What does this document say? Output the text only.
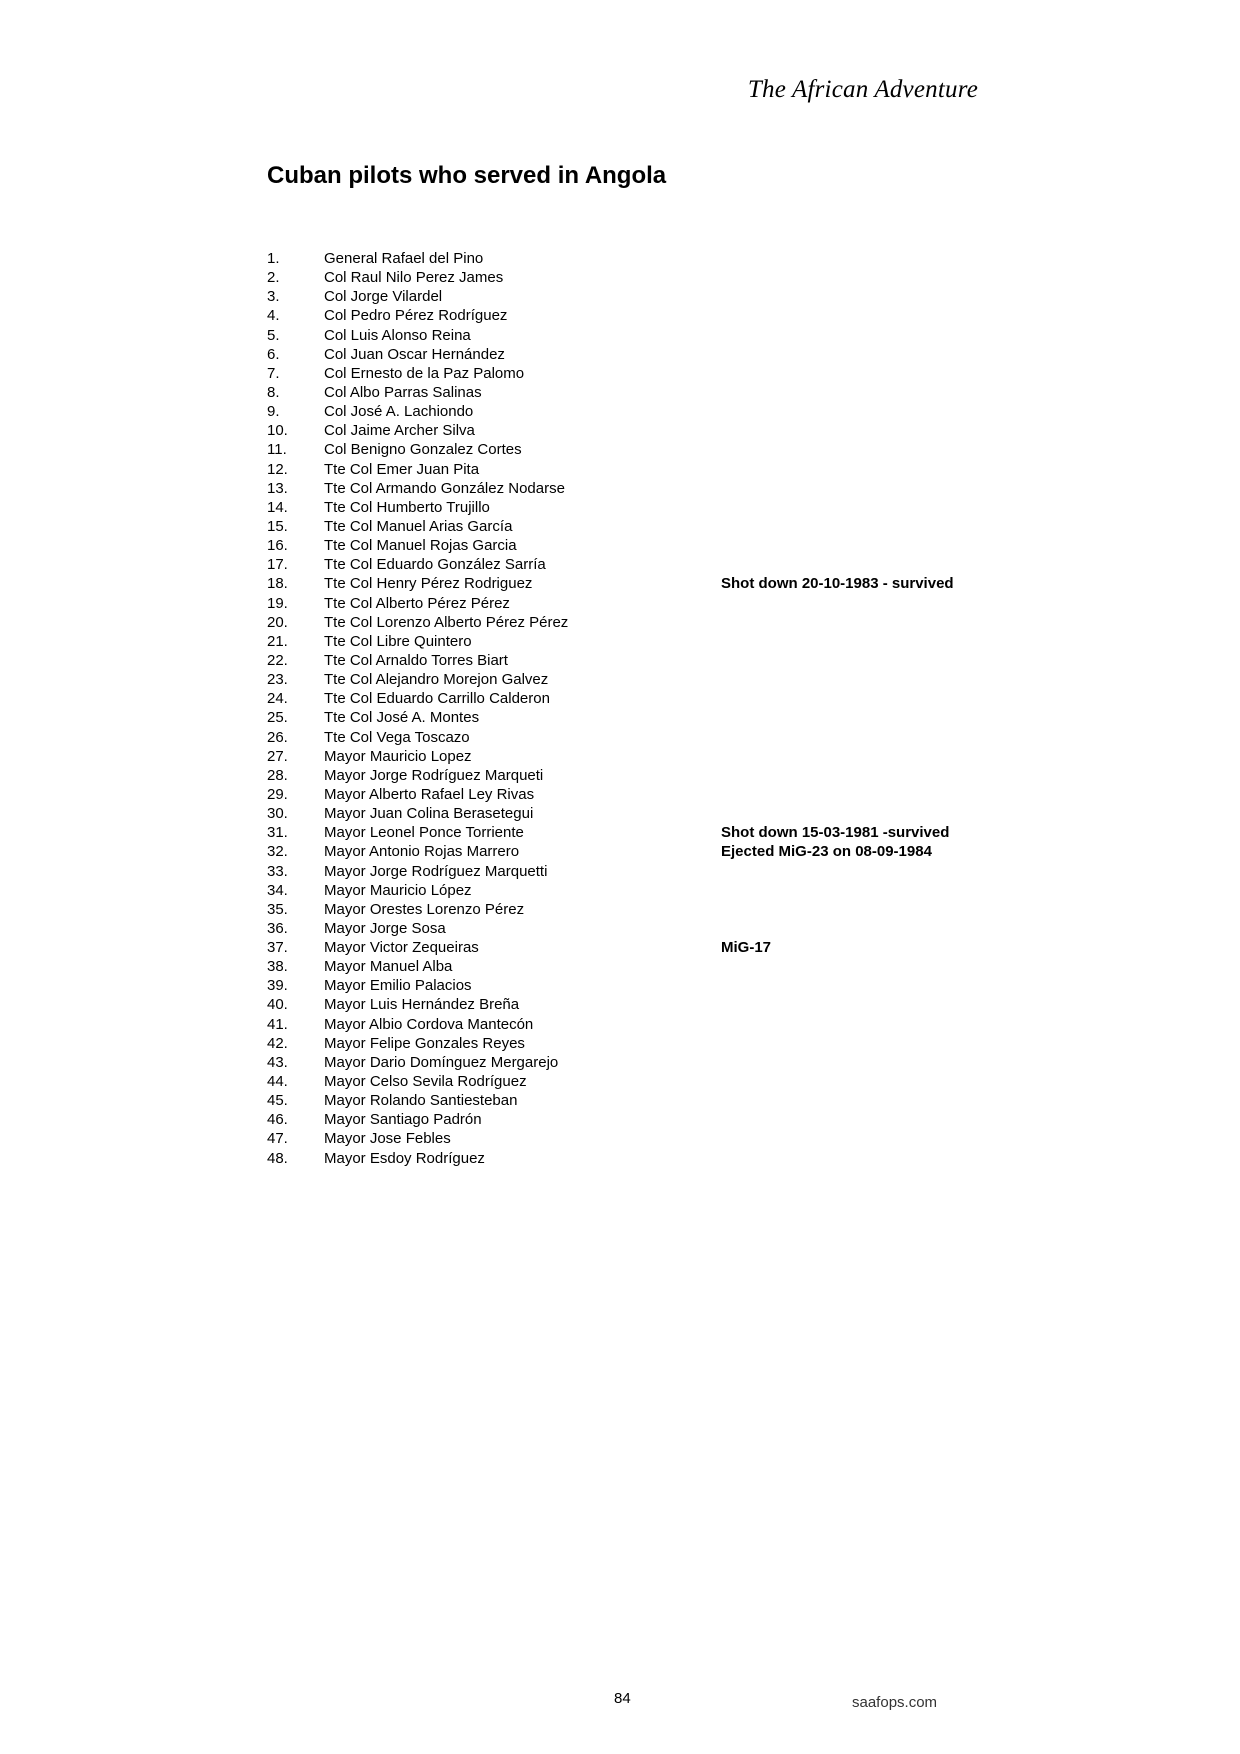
The African Adventure
Cuban pilots who served in Angola
1.	General Rafael del Pino
2.	Col Raul Nilo Perez James
3.	Col Jorge Vilardel
4.	Col Pedro Pérez Rodríguez
5.	Col Luis Alonso Reina
6.	Col Juan Oscar Hernández
7.	Col Ernesto de la Paz Palomo
8.	Col Albo Parras Salinas
9.	Col José A. Lachiondo
10.	Col Jaime Archer Silva
11.	Col Benigno Gonzalez Cortes
12.	Tte Col Emer Juan Pita
13.	Tte Col Armando González Nodarse
14.	Tte Col Humberto Trujillo
15.	Tte Col Manuel Arias García
16.	Tte Col Manuel Rojas Garcia
17.	Tte Col Eduardo González Sarría
18.	Tte Col Henry Pérez Rodriguez	Shot down 20-10-1983 - survived
19.	Tte Col Alberto Pérez Pérez
20.	Tte Col Lorenzo Alberto Pérez Pérez
21.	Tte Col Libre Quintero
22.	Tte Col Arnaldo Torres Biart
23.	Tte Col Alejandro Morejon Galvez
24.	Tte Col Eduardo Carrillo Calderon
25.	Tte Col José A. Montes
26.	Tte Col Vega Toscazo
27.	Mayor Mauricio Lopez
28.	Mayor Jorge Rodríguez Marqueti
29.	Mayor Alberto Rafael Ley Rivas
30.	Mayor Juan Colina Berasetegui
31.	Mayor Leonel Ponce Torriente	Shot down 15-03-1981 -survived
32.	Mayor Antonio Rojas Marrero	Ejected MiG-23 on 08-09-1984
33.	Mayor Jorge Rodríguez Marquetti
34.	Mayor Mauricio López
35.	Mayor Orestes Lorenzo Pérez
36.	Mayor Jorge Sosa
37.	Mayor Victor Zequeiras	MiG-17
38.	Mayor Manuel Alba
39.	Mayor Emilio Palacios
40.	Mayor Luis Hernández Breña
41.	Mayor Albio Cordova Mantecón
42.	Mayor Felipe Gonzales Reyes
43.	Mayor Dario Domínguez Mergarejo
44.	Mayor Celso Sevila Rodríguez
45.	Mayor Rolando Santiesteban
46.	Mayor Santiago Padrón
47.	Mayor Jose Febles
48.	Mayor Esdoy Rodríguez
84	saafops.com
